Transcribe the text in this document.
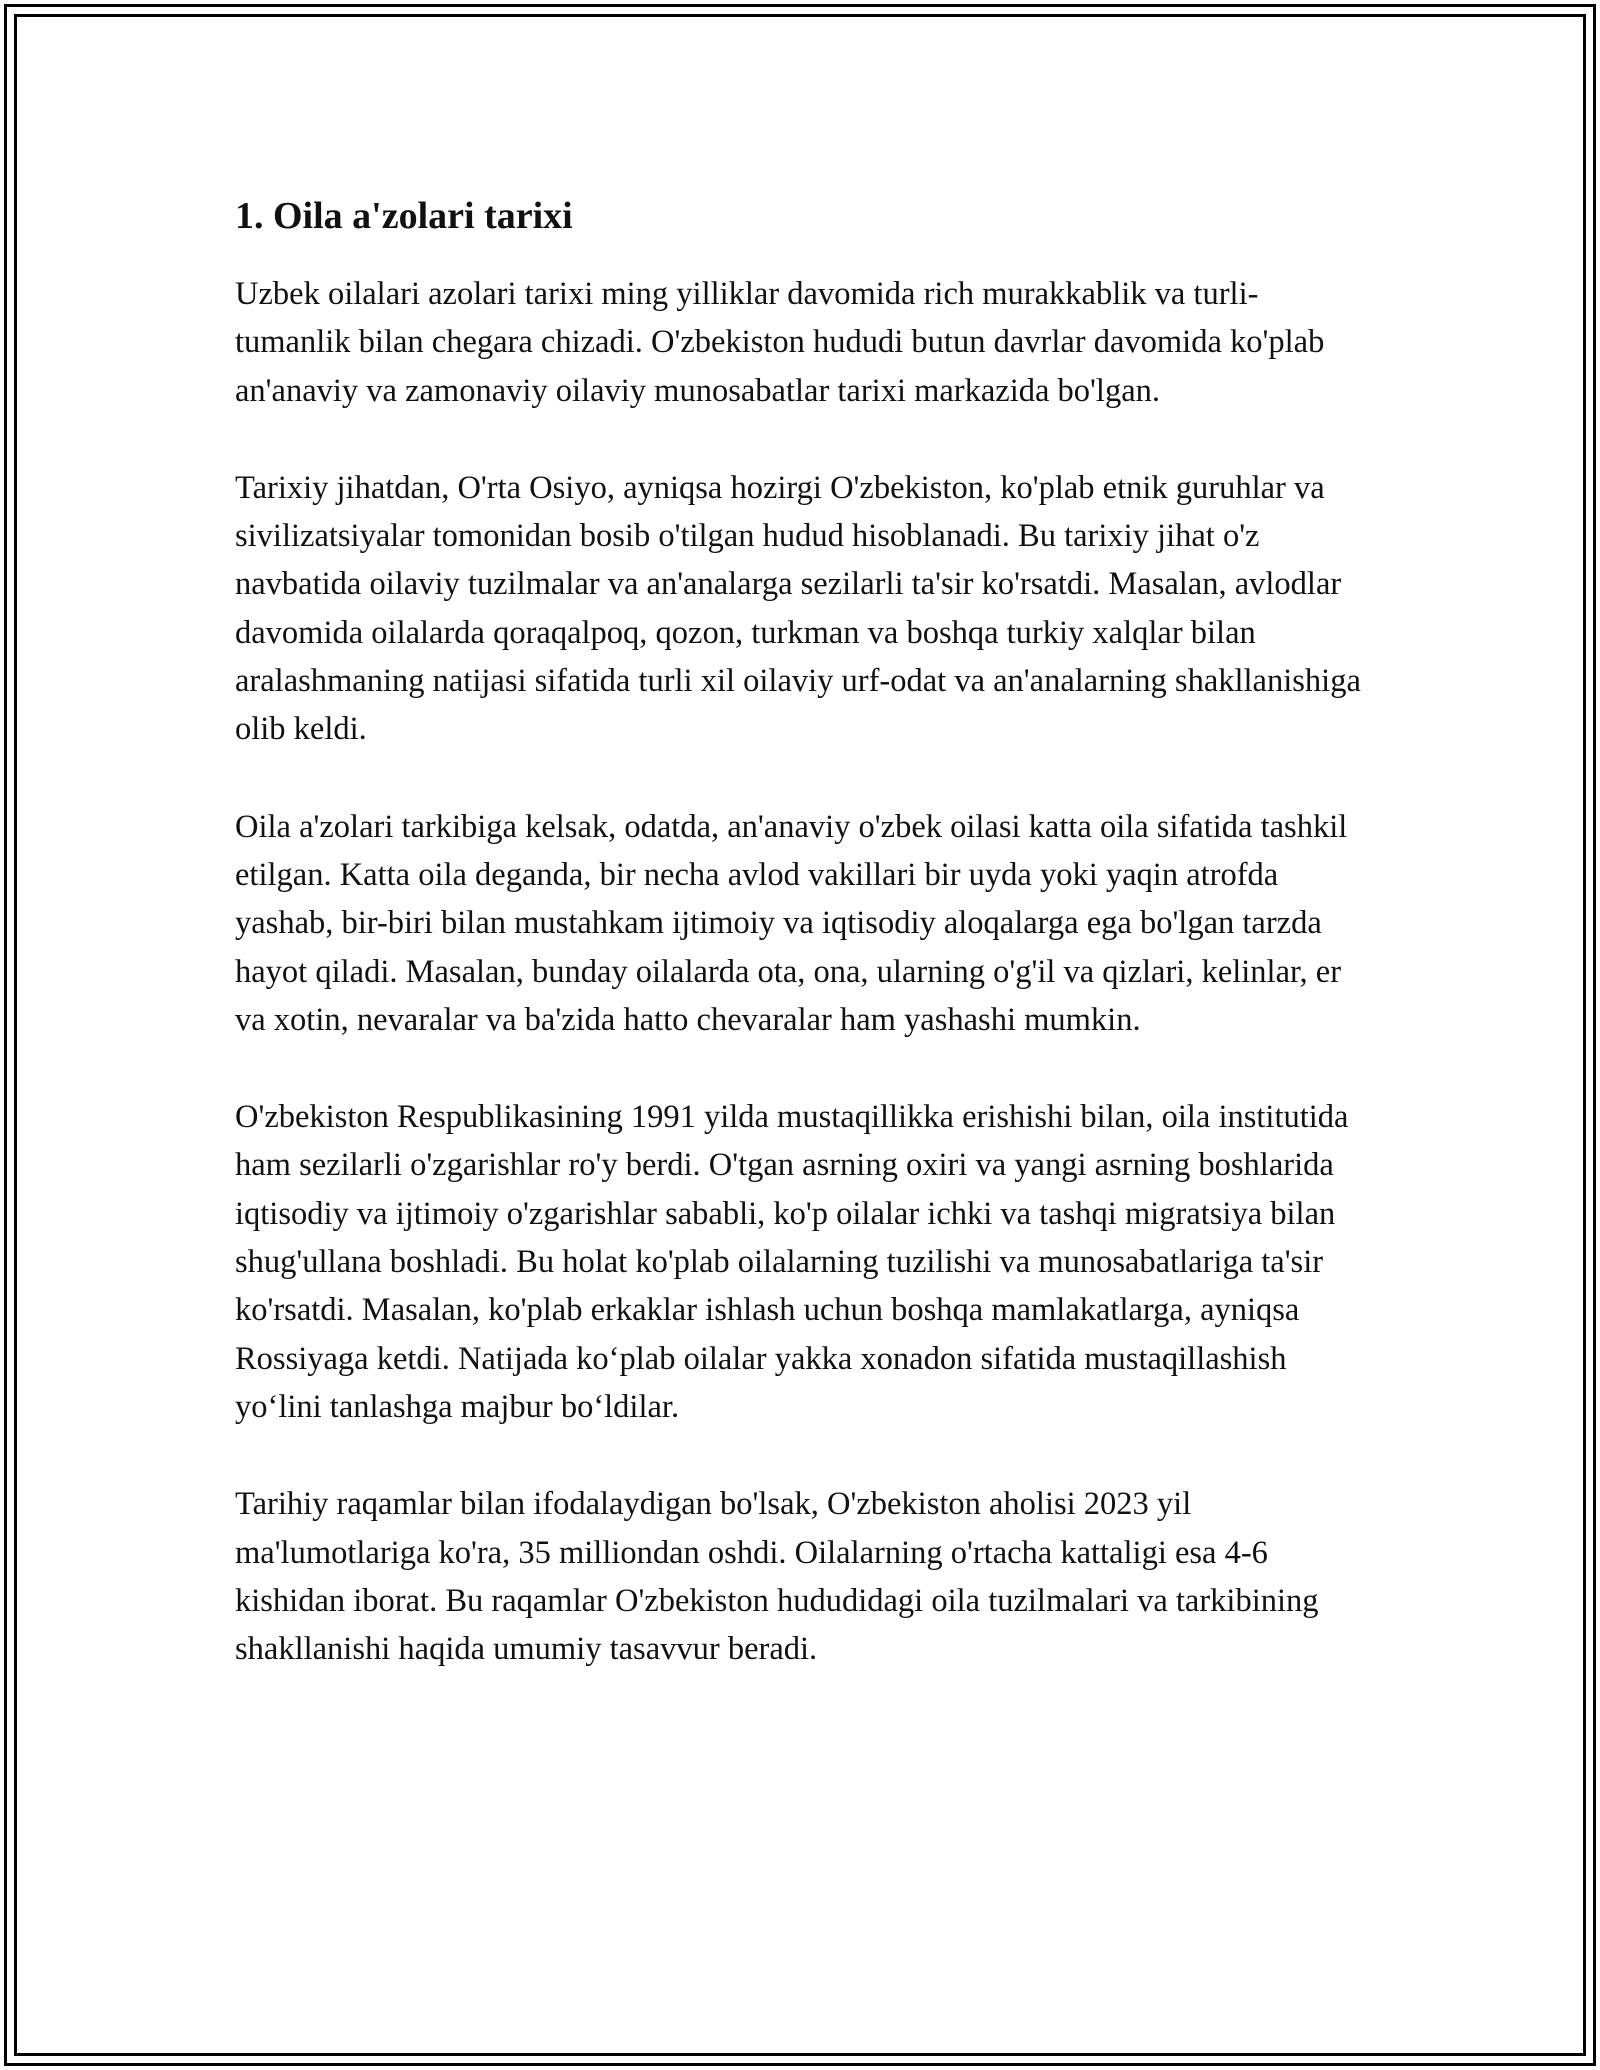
1. Oila a'zolari tarixi

Uzbek oilalari azolari tarixi ming yilliklar davomida rich murakkablik va turli-tumanlik bilan chegara chizadi. O'zbekiston hududi butun davrlar davomida ko'plab an'anaviy va zamonaviy oilaviy munosabatlar tarixi markazida bo'lgan.

Tarixiy jihatdan, O'rta Osiyo, ayniqsa hozirgi O'zbekiston, ko'plab etnik guruhlar va sivilizatsiyalar tomonidan bosib o'tilgan hudud hisoblanadi. Bu tarixiy jihat o'z navbatida oilaviy tuzilmalar va an'analarga sezilarli ta'sir ko'rsatdi. Masalan, avlodlar davomida oilalarda qoraqalpoq, qozon, turkman va boshqa turkiy xalqlar bilan aralashmaning natijasi sifatida turli xil oilaviy urf-odat va an'analarning shakllanishiga olib keldi.

Oila a'zolari tarkibiga kelsak, odatda, an'anaviy o'zbek oilasi katta oila sifatida tashkil etilgan. Katta oila deganda, bir necha avlod vakillari bir uyda yoki yaqin atrofda yashab, bir-biri bilan mustahkam ijtimoiy va iqtisodiy aloqalarga ega bo'lgan tarzda hayot qiladi. Masalan, bunday oilalarda ota, ona, ularning o'g'il va qizlari, kelinlar, er va xotin, nevaralar va ba'zida hatto chevaralar ham yashashi mumkin.

O'zbekiston Respublikasining 1991 yilda mustaqillikka erishishi bilan, oila institutida ham sezilarli o'zgarishlar ro'y berdi. O'tgan asrning oxiri va yangi asrning boshlarida iqtisodiy va ijtimoiy o'zgarishlar sababli, ko'p oilalar ichki va tashqi migratsiya bilan shug'ullana boshladi. Bu holat ko'plab oilalarning tuzilishi va munosabatlariga ta'sir ko'rsatdi. Masalan, ko'plab erkaklar ishlash uchun boshqa mamlakatlarga, ayniqsa Rossiyaga ketdi. Natijada ko‘plab oilalar yakka xonadon sifatida mustaqillashish yo‘lini tanlashga majbur bo‘ldilar.

Tarihiy raqamlar bilan ifodalaydigan bo'lsak, O'zbekiston aholisi 2023 yil ma'lumotlariga ko'ra, 35 milliondan oshdi. Oilalarning o'rtacha kattaligi esa 4-6 kishidan iborat. Bu raqamlar O'zbekiston hududidagi oila tuzilmalari va tarkibining shakllanishi haqida umumiy tasavvur beradi.
